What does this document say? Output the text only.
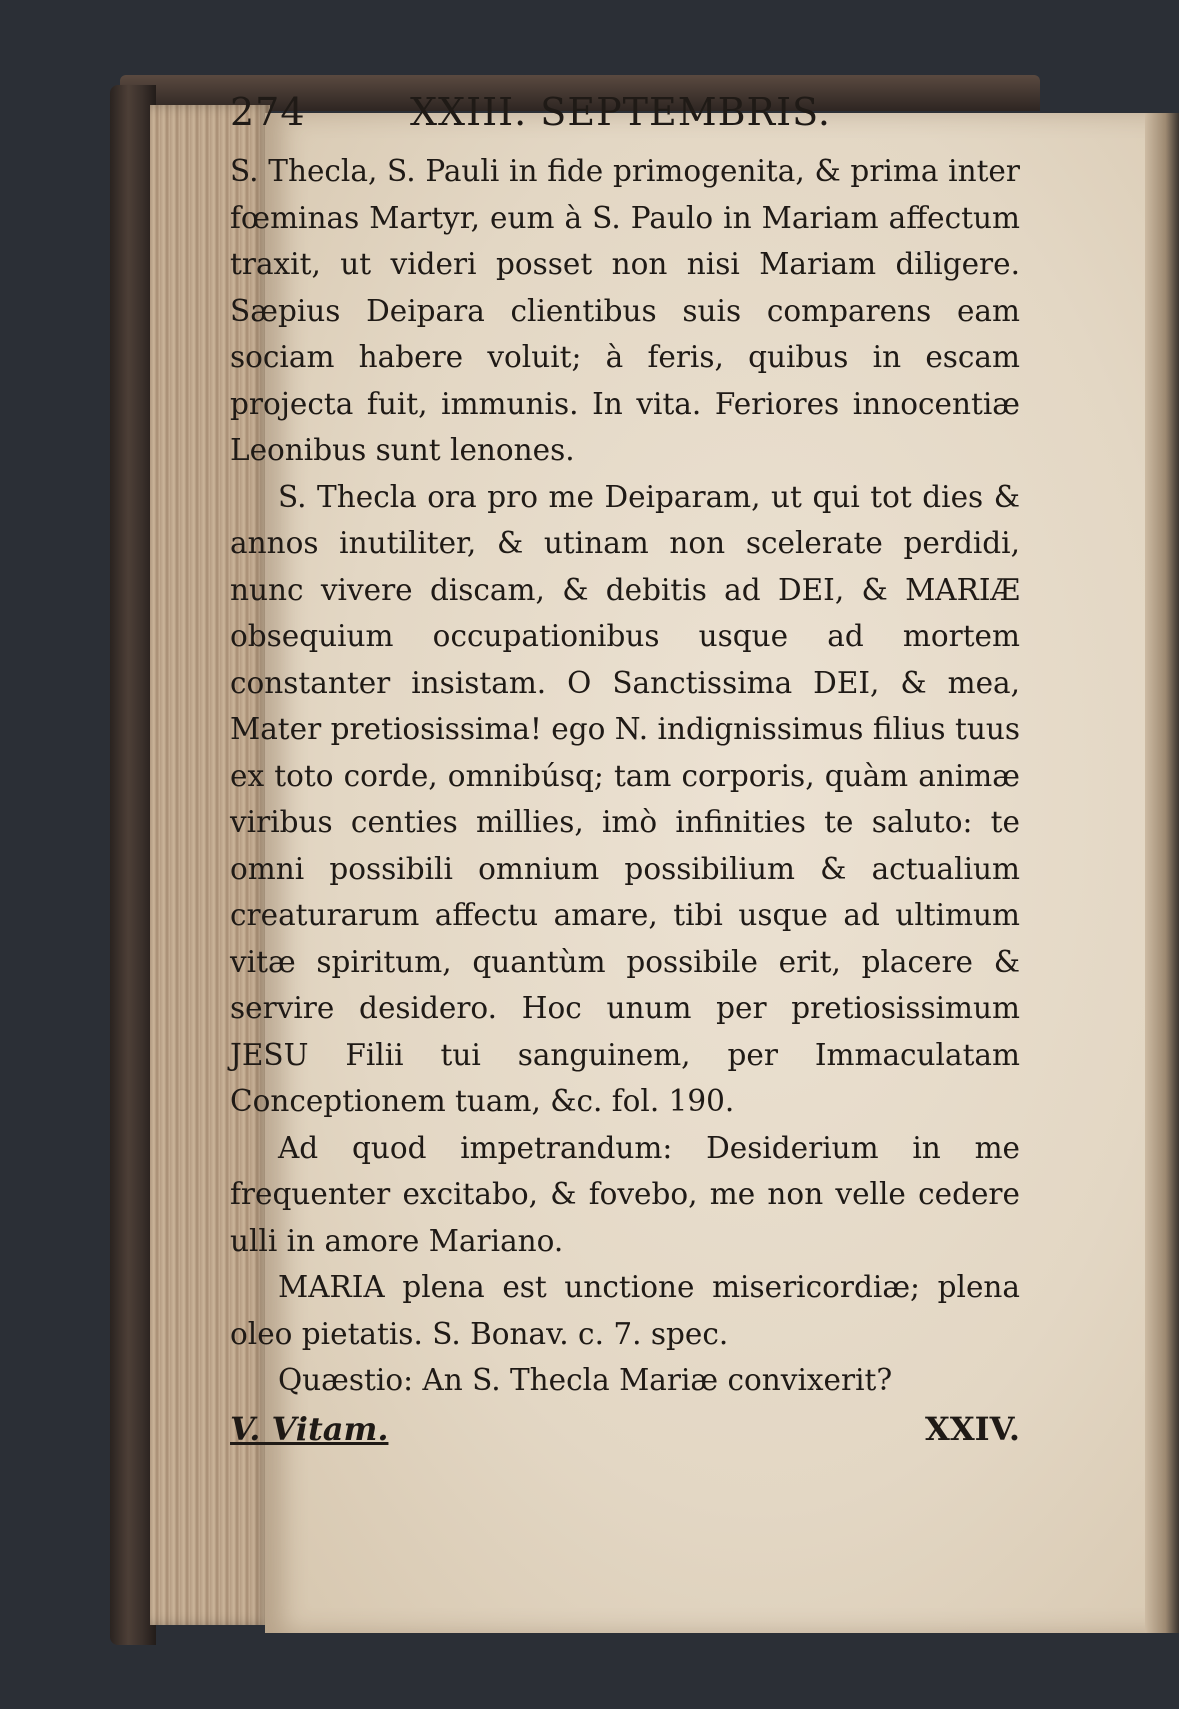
274	XXIII. SEPTEMBRIS.

S. Thecla, S. Pauli in fide primogenita, & prima inter fœminas Martyr, eum à S. Paulo in Mariam affectum traxit, ut videri posset non nisi Mariam diligere. Sæpius Deipara clientibus suis comparens eam sociam habere voluit; à feris, quibus in escam projecta fuit, immunis. In vita. Feriores innocentiæ Leonibus sunt lenones.

S. Thecla ora pro me Deiparam, ut qui tot dies & annos inutiliter, & utinam non scelerate perdidi, nunc vivere discam, & debitis ad DEI, & MARIÆ obsequium occupationibus usque ad mortem constanter insistam. O Sanctissima DEI, & mea, Mater pretiosissima! ego N. indignissimus filius tuus ex toto corde, omnibúsq; tam corporis, quàm animæ viribus centies millies, imò infinities te saluto: te omni possibili omnium possibilium & actualium creaturarum affectu amare, tibi usque ad ultimum vitæ spiritum, quantùm possibile erit, placere & servire desidero. Hoc unum per pretiosissimum JESU Filii tui sanguinem, per Immaculatam Conceptionem tuam, &c. fol. 190.

Ad quod impetrandum: Desiderium in me frequenter excitabo, & fovebo, me non velle cedere ulli in amore Mariano.

MARIA plena est unctione misericordiæ; plena oleo pietatis. S. Bonav. c. 7. spec.

Quæstio: An S. Thecla Mariæ convixerit?

V. Vitam.	XXIV.
